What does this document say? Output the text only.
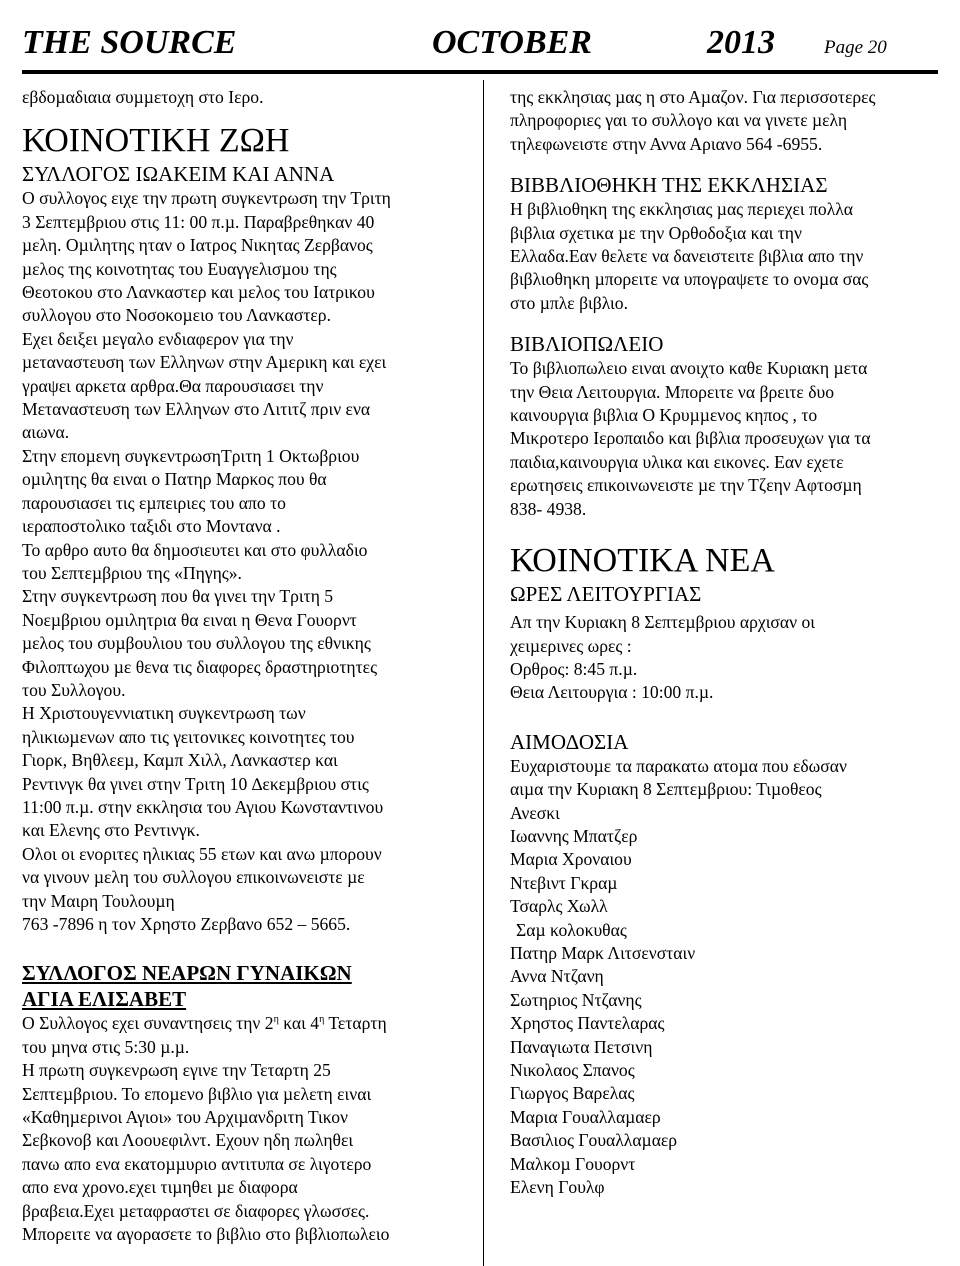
THE SOURCE	OCTOBER	2013	Page 20

εβδοµαδιαια συµµετοχη στο Ιερο.

ΚΟΙΝΟΤΙΚΗ ΖΩΗ

ΣΥΛΛΟΓΟΣ ΙΩΑΚΕΙΜ ΚΑΙ ΑΝΝΑ

Ο συλλογος ειχε την πρωτη συγκεντρωση την Τριτη

3 Σεπτεµβριου στις 11: 00 π.µ. Παραβρεθηκαν 40

µελη. Οµιλητης ηταν ο Ιατρος Νικητας Ζερβανος

µελος της κοινοτητας του Ευαγγελισµου της

Θεοτοκου στο Λανκαστερ και µελος του Ιατρικου

συλλογου στο Νοσοκοµειο του Λανκαστερ.

Εχει δειξει µεγαλο ενδιαφερον για την

µεταναστευση των Ελληνων στην Αµερικη και εχει

γραψει αρκετα αρθρα.Θα παρουσιασει την

Μεταναστευση των Ελληνων στο Λιτιτζ πριν ενα

αιωνα.

Στην εποµενη συγκεντρωσηΤριτη 1 Οκτωβριου

οµιλητης θα ειναι ο Πατηρ Μαρκος που θα

παρουσιασει τις εµπειριες του απο το

ιεραποστολικο ταξιδι στο Μοντανα .

Το αρθρο αυτο θα δηµοσιευτει και στο φυλλαδιο

του Σεπτεµβριου της «Πηγης».

Στην συγκεντρωση που θα γινει την Τριτη 5

Νοεµβριου οµιλητρια θα ειναι η Θενα Γουορντ

µελος του συµβουλιου του συλλογου της εθνικης

Φιλοπτωχου µε θενα τις διαφορες δραστηριοτητες

του Συλλογου.

Η Χριστουγεννιατικη συγκεντρωση των

ηλικιωµενων απο τις γειτονικες κοινοτητες του

Γιορκ, Βηθλεεµ, Καµπ Χιλλ, Λανκαστερ και

Ρεντινγκ θα γινει στην Τριτη 10 ∆εκεµβριου στις

11:00 π.µ. στην εκκλησια του Αγιου Κωνσταντινου

και Ελενης στο Ρεντινγκ.

Ολοι οι ενοριτες ηλικιας 55 ετων και ανω µπορουν

να γινουν µελη του συλλογου επικοινωνειστε µε

την Μαιρη Τουλουµη

763 -7896 η τον Χρηστο Ζερβανο 652 – 5665.

ΣΥΛΛΟΓΟΣ ΝΕΑΡΩΝ ΓΥΝΑΙΚΩΝ

ΑΓΙΑ ΕΛΙΣΑΒΕΤ

Ο Συλλογος εχει συναντησεις την $2^\eta$ και $4^\eta$ Τεταρτη

του µηνα στις 5:30 µ.µ.

Η πρωτη συγκενρωση εγινε την Τεταρτη 25

Σεπτεµβριου. Το εποµενο βιβλιο για µελετη ειναι

«Καθηµερινοι Αγιοι» του Αρχιµανδριτη Τικον

Σεβκονοβ και Λοουεφιλντ. Εχουν ηδη πωληθει

πανω απο ενα εκατοµµυριο αντιτυπα σε λιγοτερο

απο ενα χρονο.εχει τιµηθει µε διαφορα

βραβεια.Εχει µεταφραστει σε διαφορες γλωσσες.

Μπορειτε να αγορασετε το βιβλιο στο βιβλιοπωλειο

της εκκλησιας µας η στο Αµαζον. Για περισσοτερες

πληροφοριες γαι το συλλογο και να γινετε µελη

τηλεφωνειστε στην Αννα Αριανο 564 -6955.

ΒΙΒΒΛΙΟΘΗΚΗ ΤΗΣ ΕΚΚΛΗΣΙΑΣ

Η βιβλιοθηκη της εκκλησιας µας περιεχει πολλα

βιβλια σχετικα µε την Ορθοδοξια και την

Ελλαδα.Εαν θελετε να δανειστειτε βιβλια απο την

βιβλιοθηκη µπορειτε να υπογραψετε το ονοµα σας

στο µπλε βιβλιο.

ΒΙΒΛΙΟΠΩΛΕΙΟ

Το βιβλιοπωλειο ειναι ανοιχτο καθε Κυριακη µετα

την Θεια Λειτουργια. Μπορειτε να βρειτε δυο

καινουργια βιβλια Ο Κρυµµενος κηπος , το

Μικροτερο Ιεροπαιδο και βιβλια προσευχων για τα

παιδια,καινουργια υλικα και εικονες. Εαν εχετε

ερωτησεις επικοινωνειστε µε την Τζεην Αφτοσµη

838- 4938.

ΚΟΙΝΟΤΙΚΑ ΝΕΑ

ΩΡΕΣ ΛΕΙΤΟΥΡΓΙΑΣ

Απ την Κυριακη 8 Σεπτεµβριου αρχισαν οι

χειµερινες ωρες :

Ορθρος: 8:45 π.µ.

Θεια Λειτουργια : 10:00 π.µ.

ΑΙΜΟ∆ΟΣΙΑ

Ευχαριστουµε τα παρακατω ατοµα που εδωσαν

αιµα την Κυριακη 8 Σεπτεµβριου: Τιµοθεος

Ανεσκι

Ιωαννης Μπατζερ

Μαρια Χροναιου

Ντεβιντ Γκραµ

Τσαρλς Χωλλ

Σαµ κολοκυθας

Πατηρ Μαρκ Λιτσενσταιν

Αννα Ντζανη

Σωτηριος Ντζανης

Χρηστος Παντελαρας

Παναγιωτα Πετσινη

Νικολαος Σπανος

Γιωργος Βαρελας

Μαρια Γουαλλαµαερ

Βασιλιος Γουαλλαµαερ

Μαλκοµ Γουορντ

Ελενη Γουλφ
